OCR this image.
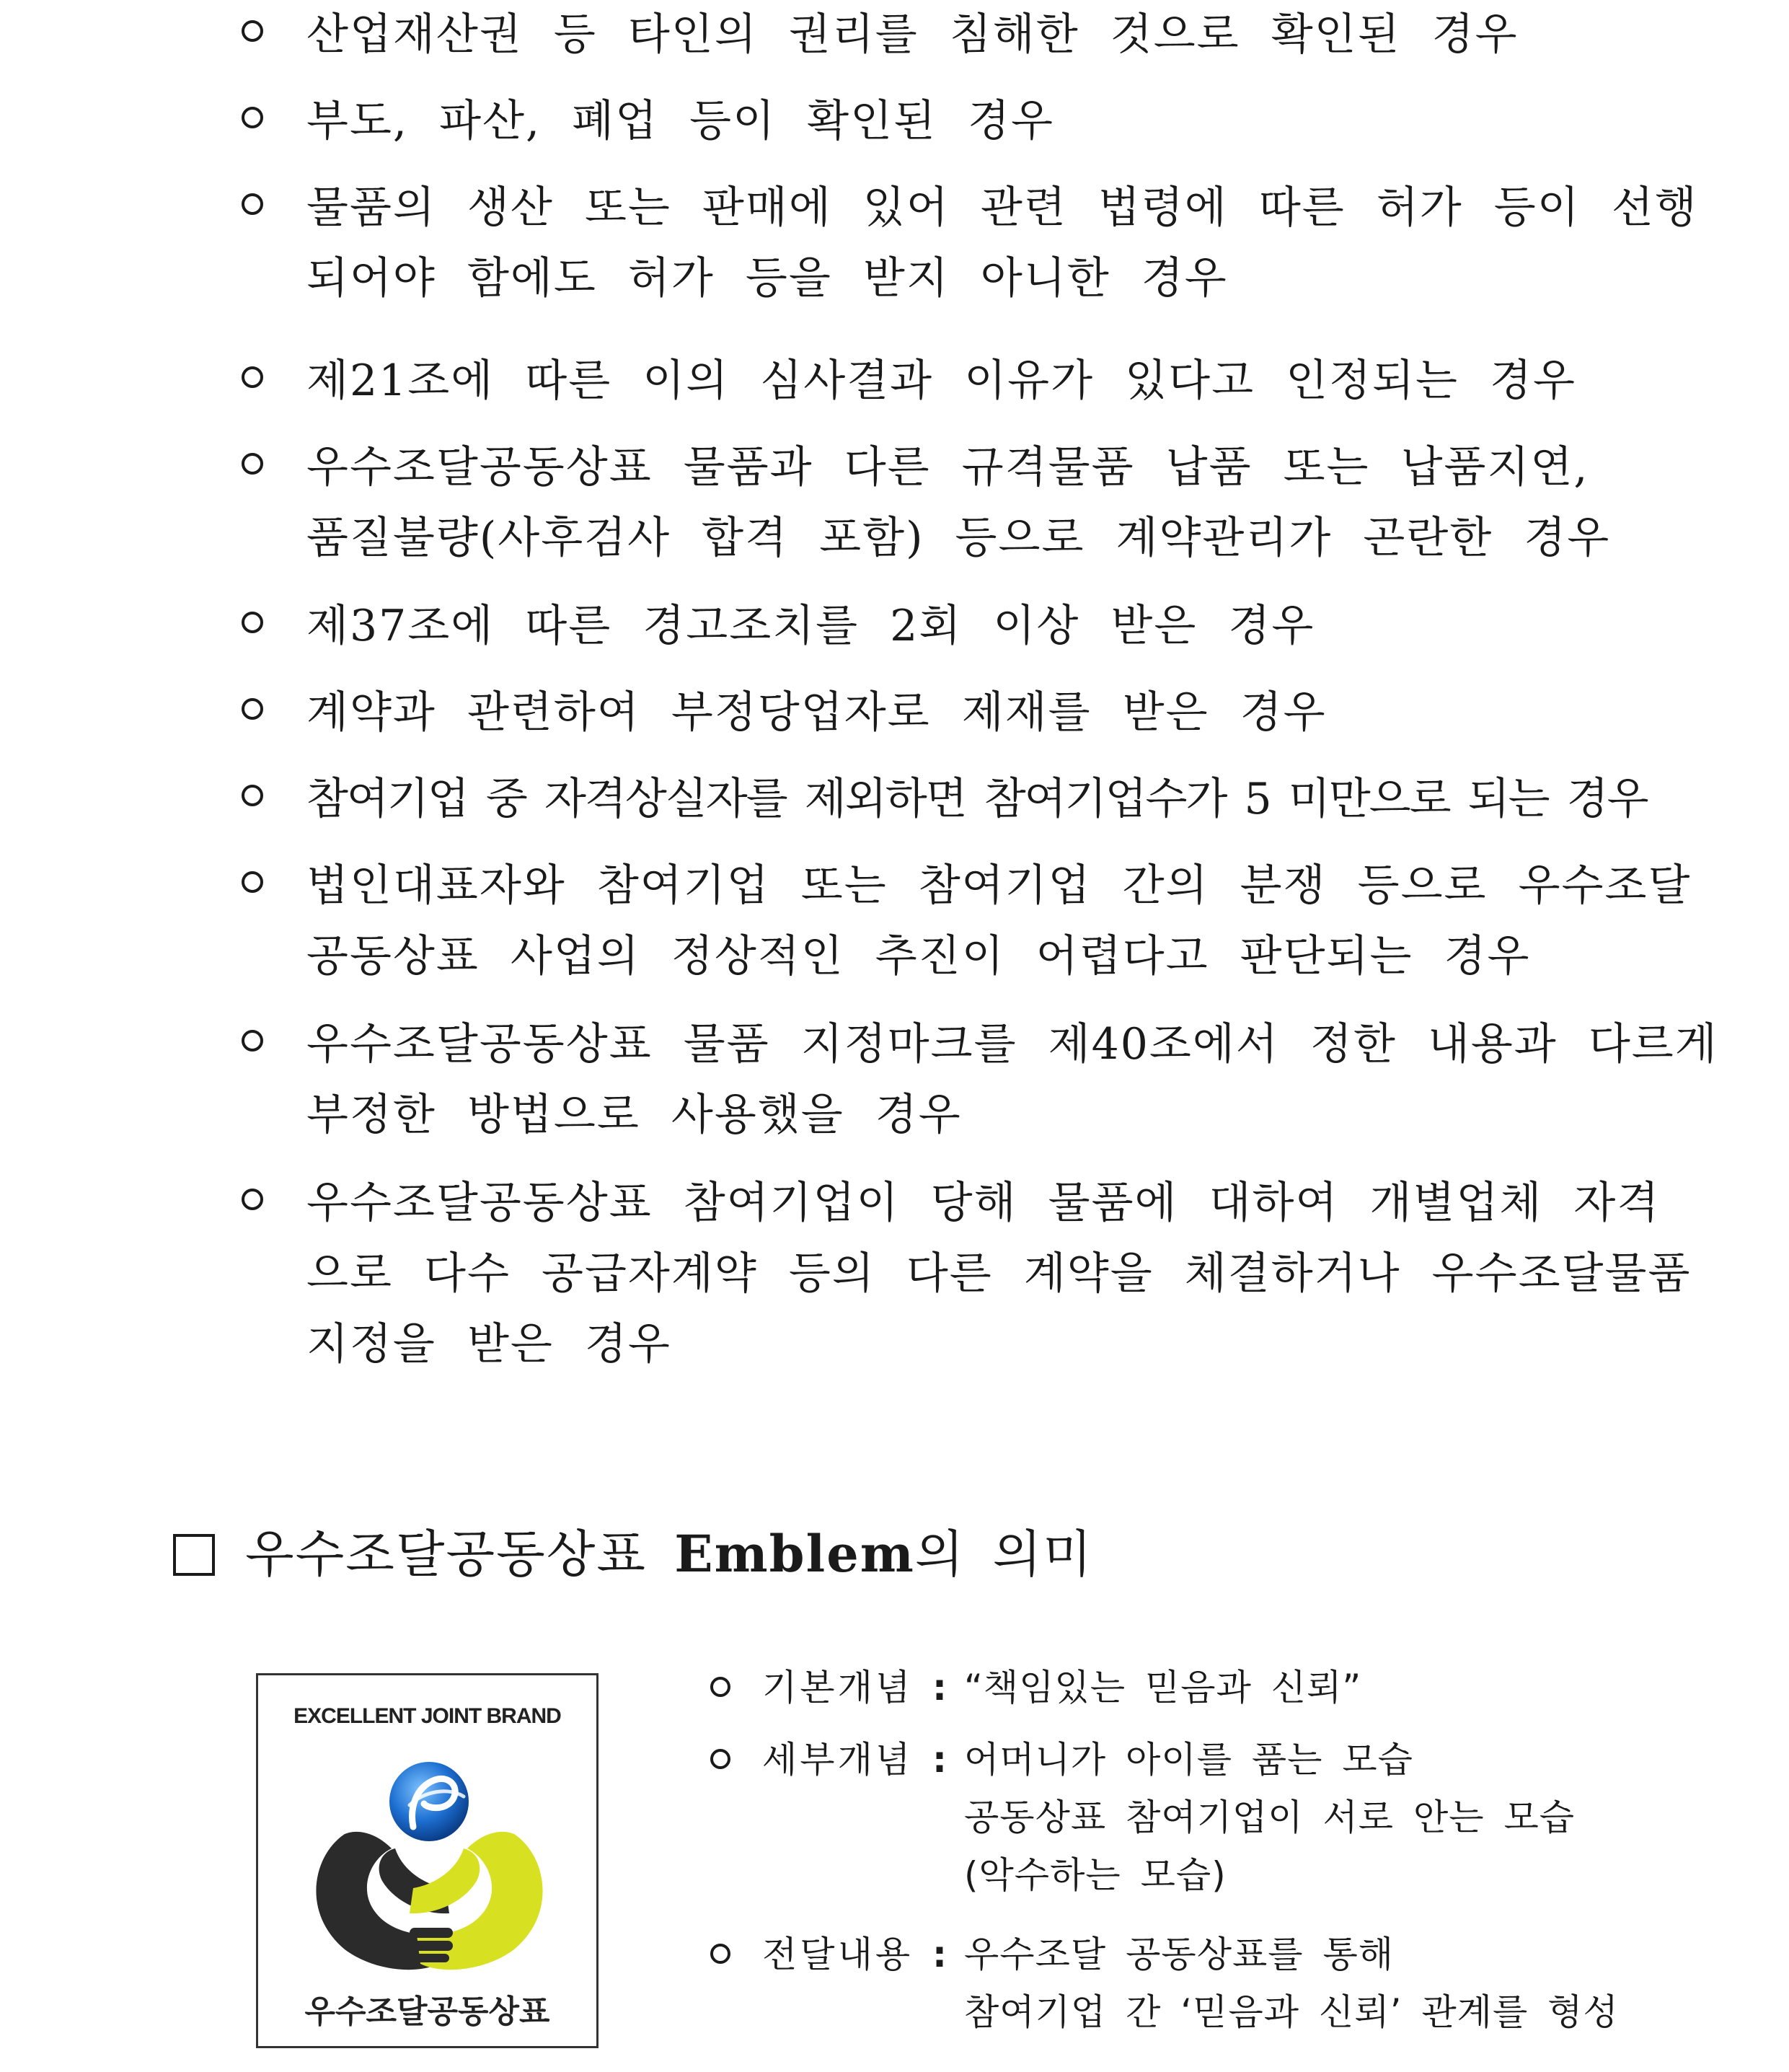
산업재산권 등 타인의 권리를 침해한 것으로 확인된 경우
부도, 파산, 폐업 등이 확인된 경우
물품의 생산 또는 판매에 있어 관련 법령에 따른 허가 등이 선행
되어야 함에도 허가 등을 받지 아니한 경우
제21조에 따른 이의 심사결과 이유가 있다고 인정되는 경우
우수조달공동상표 물품과 다른 규격물품 납품 또는 납품지연,
품질불량(사후검사 합격 포함) 등으로 계약관리가 곤란한 경우
제37조에 따른 경고조치를 2회 이상 받은 경우
계약과 관련하여 부정당업자로 제재를 받은 경우
참여기업 중 자격상실자를 제외하면 참여기업수가 5 미만으로 되는 경우
법인대표자와 참여기업 또는 참여기업 간의 분쟁 등으로 우수조달
공동상표 사업의 정상적인 추진이 어렵다고 판단되는 경우
우수조달공동상표 물품 지정마크를 제40조에서 정한 내용과 다르게
부정한 방법으로 사용했을 경우
우수조달공동상표 참여기업이 당해 물품에 대하여 개별업체 자격
으로 다수 공급자계약 등의 다른 계약을 체결하거나 우수조달물품
지정을 받은 경우
우수조달공동상표 Emblem의 의미
EXCELLENT JOINT BRAND
우수조달공동상표
기본개념 : “책임있는 믿음과 신뢰”
세부개념 : 어머니가 아이를 품는 모습
공동상표 참여기업이 서로 안는 모습
(악수하는 모습)
전달내용 : 우수조달 공동상표를 통해
참여기업 간 ‘믿음과 신뢰’ 관계를 형성
